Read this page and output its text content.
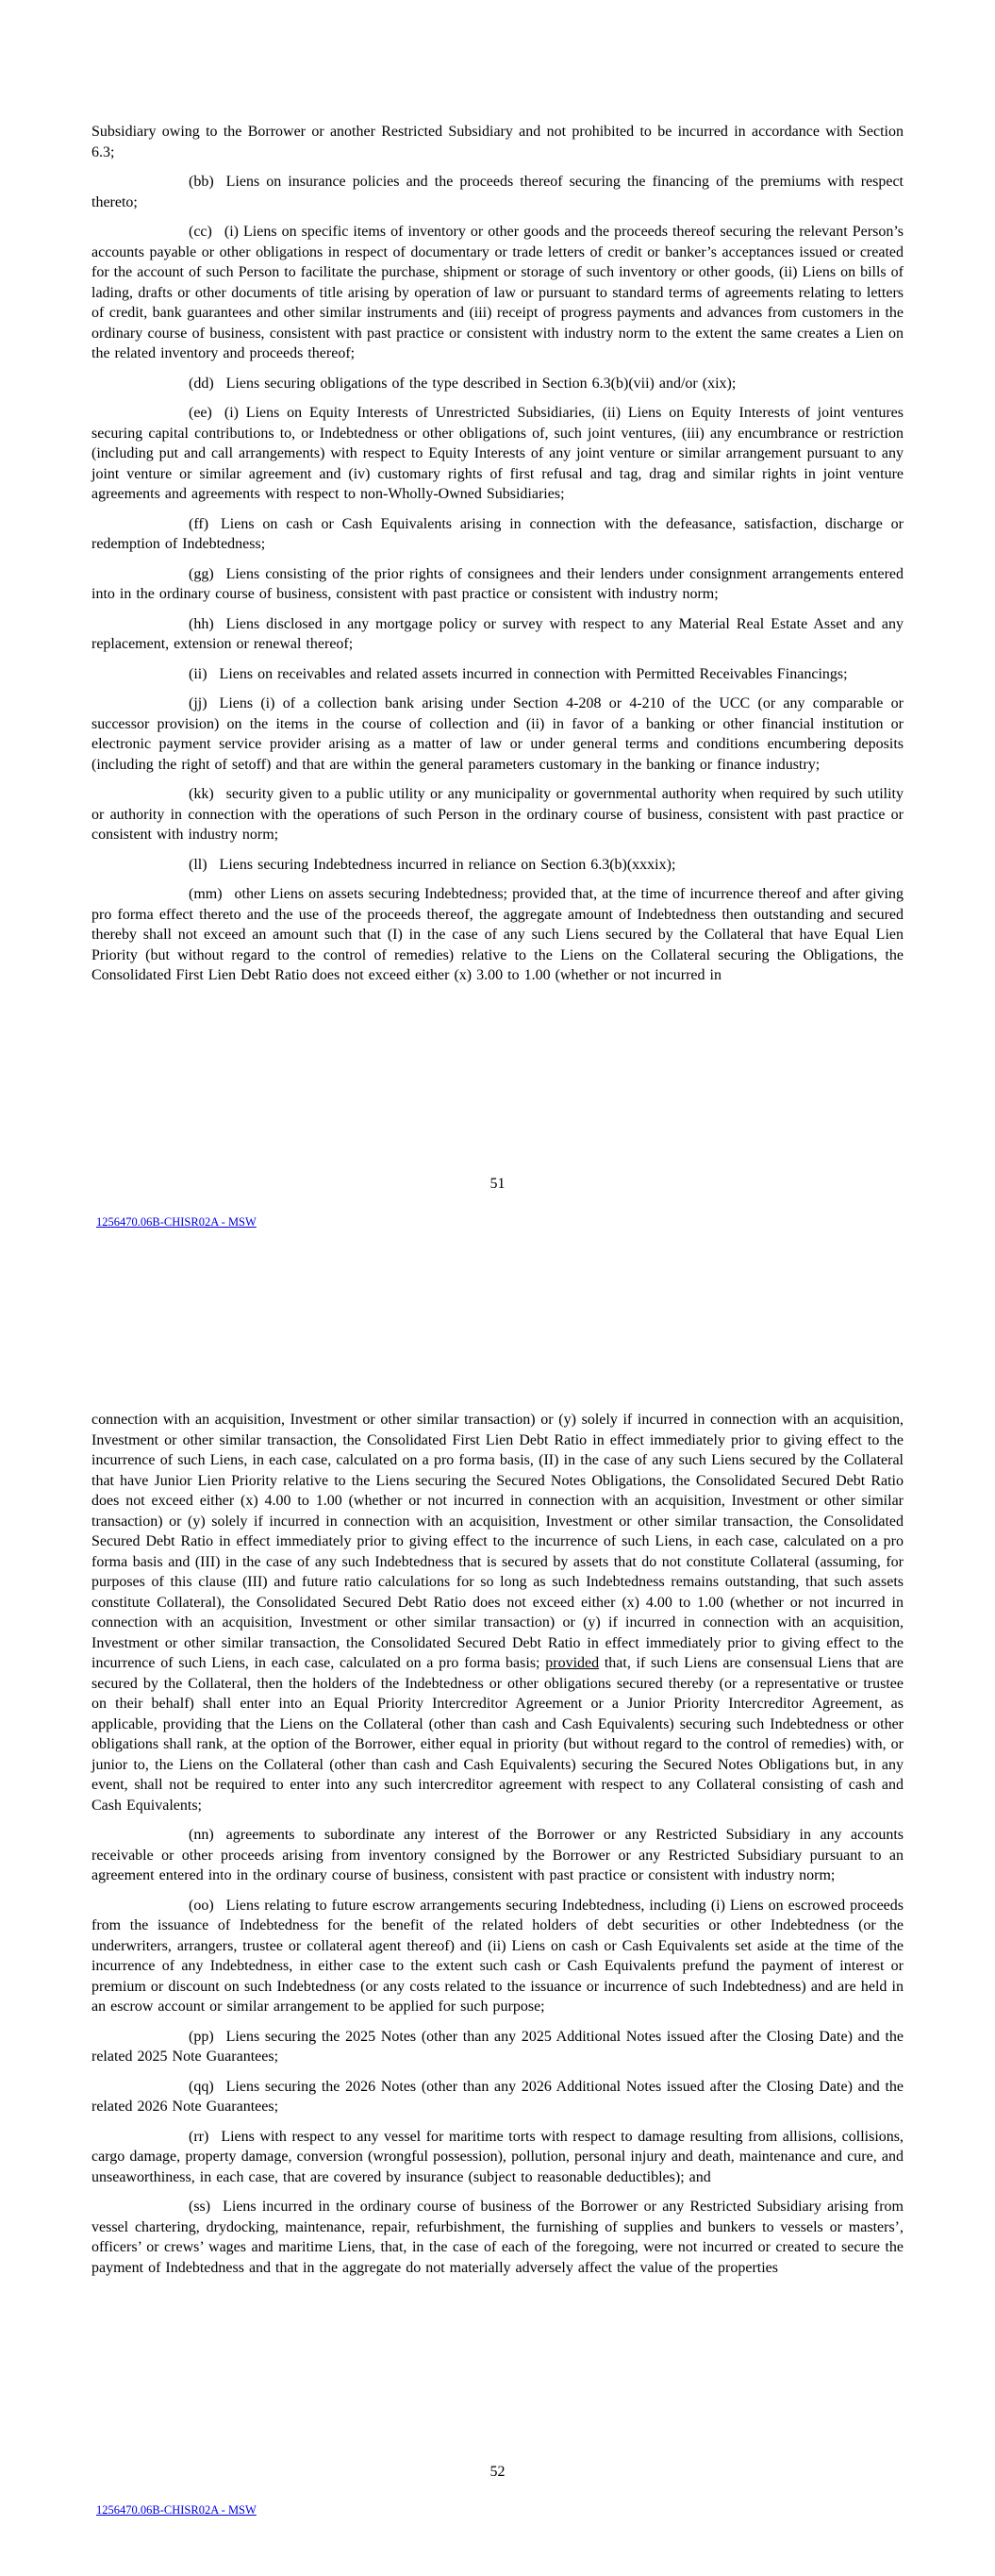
Subsidiary owing to the Borrower or another Restricted Subsidiary and not prohibited to be incurred in accordance with Section 6.3;

(bb) Liens on insurance policies and the proceeds thereof securing the financing of the premiums with respect thereto;

(cc) (i) Liens on specific items of inventory or other goods and the proceeds thereof securing the relevant Person’s accounts payable or other obligations in respect of documentary or trade letters of credit or banker’s acceptances issued or created for the account of such Person to facilitate the purchase, shipment or storage of such inventory or other goods, (ii) Liens on bills of lading, drafts or other documents of title arising by operation of law or pursuant to standard terms of agreements relating to letters of credit, bank guarantees and other similar instruments and (iii) receipt of progress payments and advances from customers in the ordinary course of business, consistent with past practice or consistent with industry norm to the extent the same creates a Lien on the related inventory and proceeds thereof;

(dd) Liens securing obligations of the type described in Section 6.3(b)(vii) and/or (xix);

(ee) (i) Liens on Equity Interests of Unrestricted Subsidiaries, (ii) Liens on Equity Interests of joint ventures securing capital contributions to, or Indebtedness or other obligations of, such joint ventures, (iii) any encumbrance or restriction (including put and call arrangements) with respect to Equity Interests of any joint venture or similar arrangement pursuant to any joint venture or similar agreement and (iv) customary rights of first refusal and tag, drag and similar rights in joint venture agreements and agreements with respect to non-Wholly-Owned Subsidiaries;

(ff) Liens on cash or Cash Equivalents arising in connection with the defeasance, satisfaction, discharge or redemption of Indebtedness;

(gg) Liens consisting of the prior rights of consignees and their lenders under consignment arrangements entered into in the ordinary course of business, consistent with past practice or consistent with industry norm;

(hh) Liens disclosed in any mortgage policy or survey with respect to any Material Real Estate Asset and any replacement, extension or renewal thereof;

(ii) Liens on receivables and related assets incurred in connection with Permitted Receivables Financings;

(jj) Liens (i) of a collection bank arising under Section 4-208 or 4-210 of the UCC (or any comparable or successor provision) on the items in the course of collection and (ii) in favor of a banking or other financial institution or electronic payment service provider arising as a matter of law or under general terms and conditions encumbering deposits (including the right of setoff) and that are within the general parameters customary in the banking or finance industry;

(kk) security given to a public utility or any municipality or governmental authority when required by such utility or authority in connection with the operations of such Person in the ordinary course of business, consistent with past practice or consistent with industry norm;

(ll) Liens securing Indebtedness incurred in reliance on Section 6.3(b)(xxxix);

(mm) other Liens on assets securing Indebtedness; provided that, at the time of incurrence thereof and after giving pro forma effect thereto and the use of the proceeds thereof, the aggregate amount of Indebtedness then outstanding and secured thereby shall not exceed an amount such that (I) in the case of any such Liens secured by the Collateral that have Equal Lien Priority (but without regard to the control of remedies) relative to the Liens on the Collateral securing the Obligations, the Consolidated First Lien Debt Ratio does not exceed either (x) 3.00 to 1.00 (whether or not incurred in

51
1256470.06B-CHISR02A - MSW

connection with an acquisition, Investment or other similar transaction) or (y) solely if incurred in connection with an acquisition, Investment or other similar transaction, the Consolidated First Lien Debt Ratio in effect immediately prior to giving effect to the incurrence of such Liens, in each case, calculated on a pro forma basis, (II) in the case of any such Liens secured by the Collateral that have Junior Lien Priority relative to the Liens securing the Secured Notes Obligations, the Consolidated Secured Debt Ratio does not exceed either (x) 4.00 to 1.00 (whether or not incurred in connection with an acquisition, Investment or other similar transaction) or (y) solely if incurred in connection with an acquisition, Investment or other similar transaction, the Consolidated Secured Debt Ratio in effect immediately prior to giving effect to the incurrence of such Liens, in each case, calculated on a pro forma basis and (III) in the case of any such Indebtedness that is secured by assets that do not constitute Collateral (assuming, for purposes of this clause (III) and future ratio calculations for so long as such Indebtedness remains outstanding, that such assets constitute Collateral), the Consolidated Secured Debt Ratio does not exceed either (x) 4.00 to 1.00 (whether or not incurred in connection with an acquisition, Investment or other similar transaction) or (y) if incurred in connection with an acquisition, Investment or other similar transaction, the Consolidated Secured Debt Ratio in effect immediately prior to giving effect to the incurrence of such Liens, in each case, calculated on a pro forma basis; provided that, if such Liens are consensual Liens that are secured by the Collateral, then the holders of the Indebtedness or other obligations secured thereby (or a representative or trustee on their behalf) shall enter into an Equal Priority Intercreditor Agreement or a Junior Priority Intercreditor Agreement, as applicable, providing that the Liens on the Collateral (other than cash and Cash Equivalents) securing such Indebtedness or other obligations shall rank, at the option of the Borrower, either equal in priority (but without regard to the control of remedies) with, or junior to, the Liens on the Collateral (other than cash and Cash Equivalents) securing the Secured Notes Obligations but, in any event, shall not be required to enter into any such intercreditor agreement with respect to any Collateral consisting of cash and Cash Equivalents;

(nn) agreements to subordinate any interest of the Borrower or any Restricted Subsidiary in any accounts receivable or other proceeds arising from inventory consigned by the Borrower or any Restricted Subsidiary pursuant to an agreement entered into in the ordinary course of business, consistent with past practice or consistent with industry norm;

(oo) Liens relating to future escrow arrangements securing Indebtedness, including (i) Liens on escrowed proceeds from the issuance of Indebtedness for the benefit of the related holders of debt securities or other Indebtedness (or the underwriters, arrangers, trustee or collateral agent thereof) and (ii) Liens on cash or Cash Equivalents set aside at the time of the incurrence of any Indebtedness, in either case to the extent such cash or Cash Equivalents prefund the payment of interest or premium or discount on such Indebtedness (or any costs related to the issuance or incurrence of such Indebtedness) and are held in an escrow account or similar arrangement to be applied for such purpose;

(pp) Liens securing the 2025 Notes (other than any 2025 Additional Notes issued after the Closing Date) and the related 2025 Note Guarantees;

(qq) Liens securing the 2026 Notes (other than any 2026 Additional Notes issued after the Closing Date) and the related 2026 Note Guarantees;

(rr) Liens with respect to any vessel for maritime torts with respect to damage resulting from allisions, collisions, cargo damage, property damage, conversion (wrongful possession), pollution, personal injury and death, maintenance and cure, and unseaworthiness, in each case, that are covered by insurance (subject to reasonable deductibles); and

(ss) Liens incurred in the ordinary course of business of the Borrower or any Restricted Subsidiary arising from vessel chartering, drydocking, maintenance, repair, refurbishment, the furnishing of supplies and bunkers to vessels or masters’, officers’ or crews’ wages and maritime Liens, that, in the case of each of the foregoing, were not incurred or created to secure the payment of Indebtedness and that in the aggregate do not materially adversely affect the value of the properties

52
1256470.06B-CHISR02A - MSW
